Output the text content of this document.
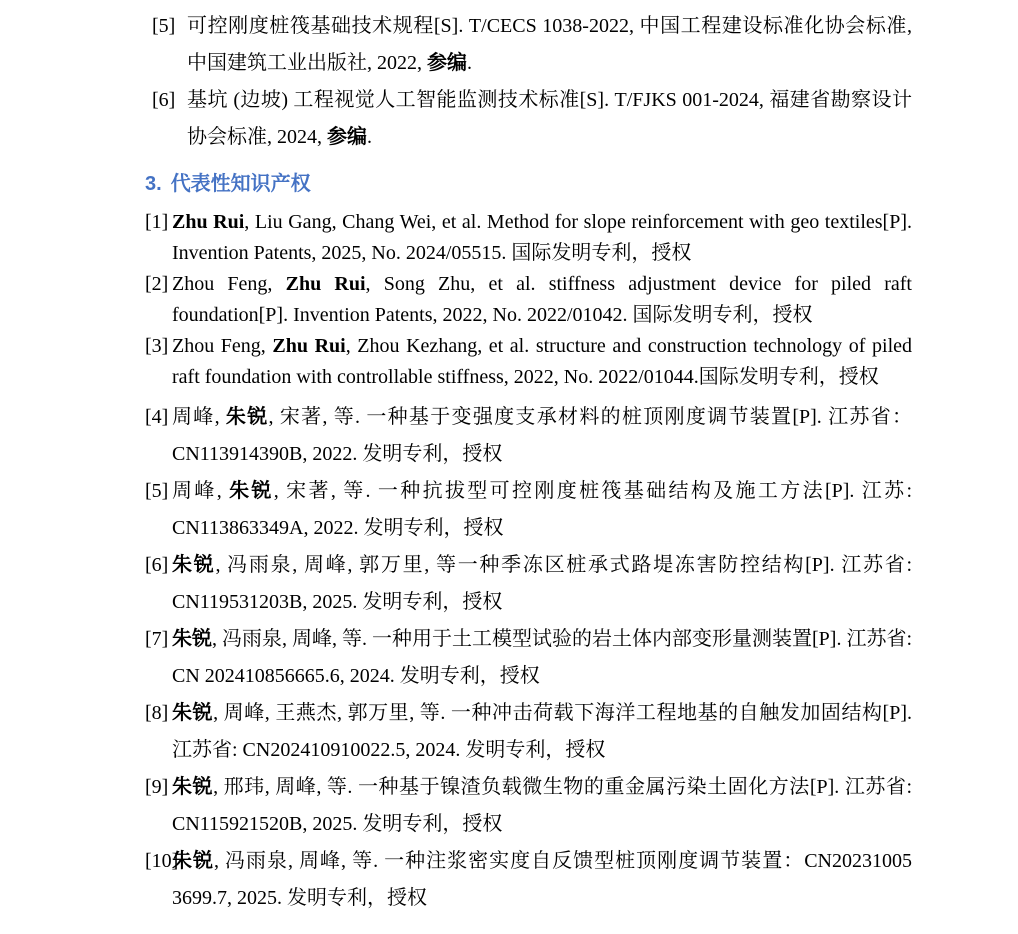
[5] 可控刚度桩筏基础技术规程[S]. T/CECS 1038-2022, 中国工程建设标准化协会标准, 中国建筑工业出版社, 2022, 参编.
[6] 基坑 (边坡) 工程视觉人工智能监测技术标准[S]. T/FJKS 001-2024, 福建省勘察设计协会标准, 2024, 参编.
3. 代表性知识产权
[1] Zhu Rui, Liu Gang, Chang Wei, et al. Method for slope reinforcement with geo textiles[P]. Invention Patents, 2025, No. 2024/05515. 国际发明专利，授权
[2] Zhou Feng, Zhu Rui, Song Zhu, et al. stiffness adjustment device for piled raft foundation[P]. Invention Patents, 2022, No. 2022/01042. 国际发明专利，授权
[3] Zhou Feng, Zhu Rui, Zhou Kezhang, et al. structure and construction technology of piled raft foundation with controllable stiffness, 2022, No. 2022/01044.国际发明专利，授权
[4] 周峰, 朱锐, 宋著, 等. 一种基于变强度支承材料的桩顶刚度调节装置[P]. 江苏省：CN113914390B, 2022. 发明专利，授权
[5] 周峰, 朱锐, 宋著, 等. 一种抗拔型可控刚度桩筏基础结构及施工方法[P]. 江苏: CN113863349A, 2022. 发明专利，授权
[6] 朱锐, 冯雨泉, 周峰, 郭万里, 等一种季冻区桩承式路堤冻害防控结构[P]. 江苏省: CN119531203B, 2025. 发明专利，授权
[7] 朱锐, 冯雨泉, 周峰, 等. 一种用于土工模型试验的岩土体内部变形量测装置[P]. 江苏省: CN 202410856665.6, 2024. 发明专利，授权
[8] 朱锐, 周峰, 王燕杰, 郭万里, 等. 一种冲击荷载下海洋工程地基的自触发加固结构[P]. 江苏省: CN202410910022.5, 2024. 发明专利，授权
[9] 朱锐, 邢玮, 周峰, 等. 一种基于镍渣负载微生物的重金属污染土固化方法[P]. 江苏省: CN115921520B, 2025. 发明专利，授权
[10]
朱锐, 冯雨泉, 周峰, 等. 一种注浆密实度自反馈型桩顶刚度调节装置：CN20231005 3699.7, 2025. 发明专利，授权
